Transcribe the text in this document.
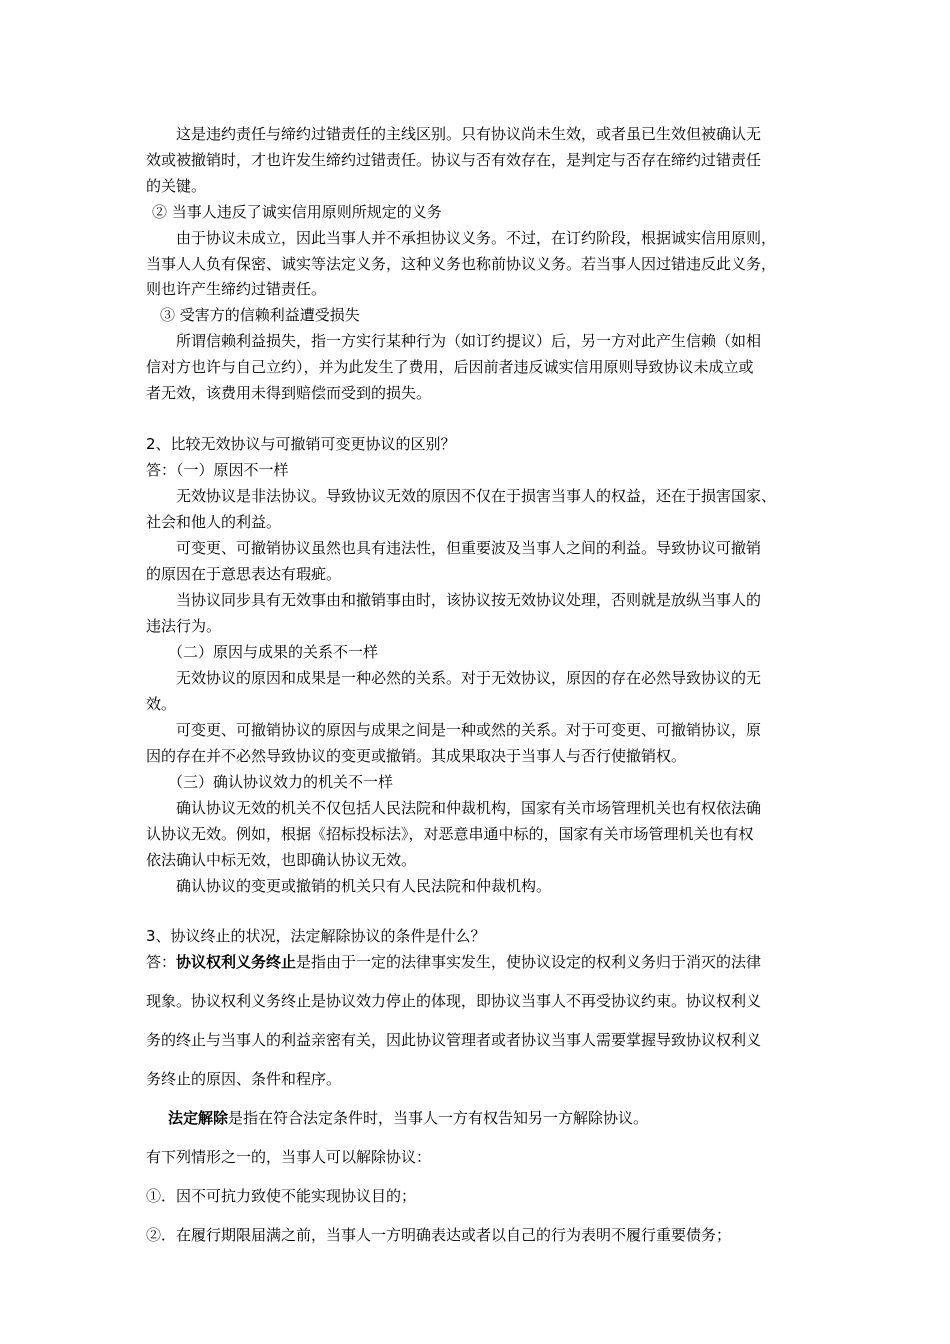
这是违约责任与缔约过错责任的主线区别。只有协议尚未生效，或者虽已生效但被确认无
效或被撤销时，才也许发生缔约过错责任。协议与否有效存在，是判定与否存在缔约过错责任
的关键。
② 当事人违反了诚实信用原则所规定的义务
由于协议未成立，因此当事人并不承担协议义务。不过，在订约阶段，根据诚实信用原则，
当事人人负有保密、诚实等法定义务，这种义务也称前协议义务。若当事人因过错违反此义务，
则也许产生缔约过错责任。
③ 受害方的信赖利益遭受损失
所谓信赖利益损失，指一方实行某种行为（如订约提议）后，另一方对此产生信赖（如相
信对方也许与自己立约），并为此发生了费用，后因前者违反诚实信用原则导致协议未成立或
者无效，该费用未得到赔偿而受到的损失。
2、比较无效协议与可撤销可变更协议的区别？
答：（一）原因不一样
无效协议是非法协议。导致协议无效的原因不仅在于损害当事人的权益，还在于损害国家、
社会和他人的利益。
可变更、可撤销协议虽然也具有违法性，但重要波及当事人之间的利益。导致协议可撤销
的原因在于意思表达有瑕疵。
当协议同步具有无效事由和撤销事由时，该协议按无效协议处理，否则就是放纵当事人的
违法行为。
（二）原因与成果的关系不一样
无效协议的原因和成果是一种必然的关系。对于无效协议，原因的存在必然导致协议的无
效。
可变更、可撤销协议的原因与成果之间是一种或然的关系。对于可变更、可撤销协议，原
因的存在并不必然导致协议的变更或撤销。其成果取决于当事人与否行使撤销权。
（三）确认协议效力的机关不一样
确认协议无效的机关不仅包括人民法院和仲裁机构，国家有关市场管理机关也有权依法确
认协议无效。例如，根据《招标投标法》，对恶意串通中标的，国家有关市场管理机关也有权
依法确认中标无效，也即确认协议无效。
确认协议的变更或撤销的机关只有人民法院和仲裁机构。
3、协议终止的状况，法定解除协议的条件是什么？
答：协议权利义务终止是指由于一定的法律事实发生，使协议设定的权利义务归于消灭的法律
现象。协议权利义务终止是协议效力停止的体现，即协议当事人不再受协议约束。协议权利义
务的终止与当事人的利益亲密有关，因此协议管理者或者协议当事人需要掌握导致协议权利义
务终止的原因、条件和程序。
法定解除是指在符合法定条件时，当事人一方有权告知另一方解除协议。
有下列情形之一的，当事人可以解除协议：
①．因不可抗力致使不能实现协议目的；
②．在履行期限届满之前，当事人一方明确表达或者以自己的行为表明不履行重要债务；
